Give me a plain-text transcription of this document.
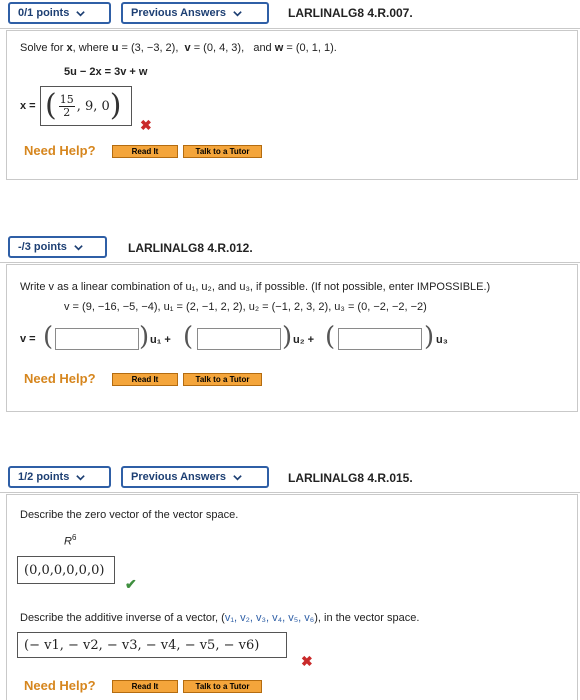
0/1 points	Previous Answers	LARLINALG8 4.R.007.
Solve for x, where u = (3, −3, 2), v = (0, 4, 3),   and w = (0, 1, 1).
5u − 2x = 3v + w
x = ( $\frac{15}{2}$ , 9, 0 )
✖
Need Help?	Read It	Talk to a Tutor
-/3 points	LARLINALG8 4.R.012.
Write v as a linear combination of u₁, u₂, and u₃, if possible. (If not possible, enter IMPOSSIBLE.)
v = (9, −16, −5, −4), u₁ = (2, −1, 2, 2), u₂ = (−1, 2, 3, 2), u₃ = (0, −2, −2, −2)
v = (	) u₁ + (	) u₂ + (	) u₃
Need Help?	Read It	Talk to a Tutor
1/2 points	Previous Answers	LARLINALG8 4.R.015.
Describe the zero vector of the vector space.
$R^6$
(0,0,0,0,0,0)
✔
Describe the additive inverse of a vector, (v₁, v₂, v₃, v₄, v₅, v₆), in the vector space.
(− v1, − v2, − v3, − v4, − v5, − v6)
✖
Need Help?	Read It	Talk to a Tutor
